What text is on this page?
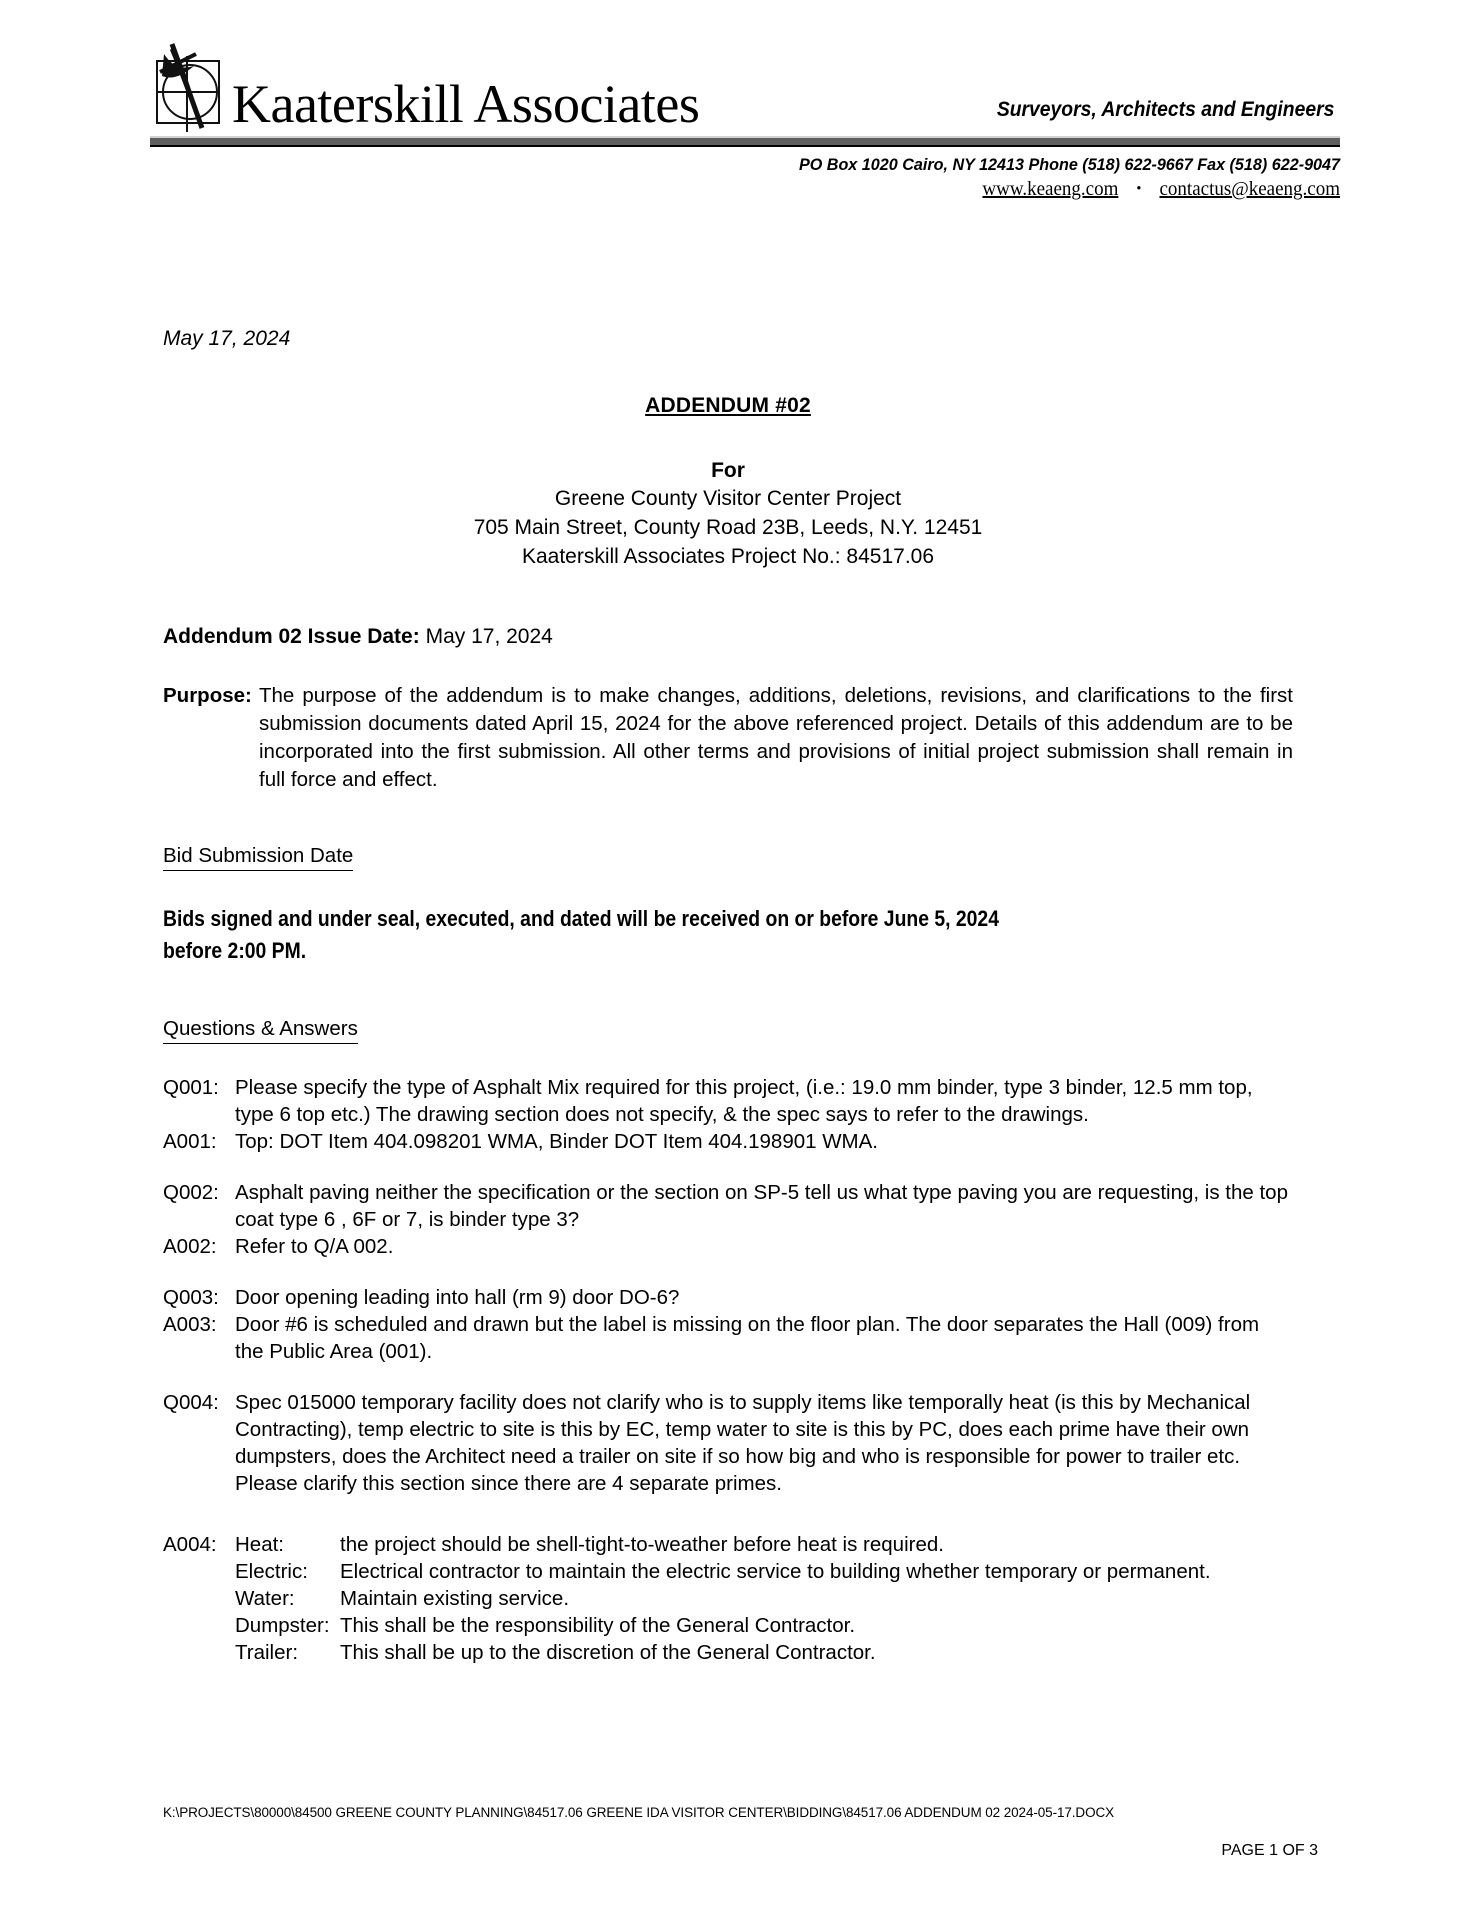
Kaaterskill Associates	Surveyors, Architects and Engineers
PO Box 1020 Cairo, NY 12413 Phone (518) 622-9667 Fax (518) 622-9047
www.keaeng.com • contactus@keaeng.com
May 17, 2024
ADDENDUM #02
For
Greene County Visitor Center Project
705 Main Street, County Road 23B, Leeds, N.Y. 12451
Kaaterskill Associates Project No.: 84517.06
Addendum 02 Issue Date: May 17, 2024
Purpose: The purpose of the addendum is to make changes, additions, deletions, revisions, and clarifications to the first submission documents dated April 15, 2024 for the above referenced project. Details of this addendum are to be incorporated into the first submission. All other terms and provisions of initial project submission shall remain in full force and effect.
Bid Submission Date
Bids signed and under seal, executed, and dated will be received on or before June 5, 2024
before 2:00 PM.
Questions & Answers
Q001: Please specify the type of Asphalt Mix required for this project, (i.e.: 19.0 mm binder, type 3 binder, 12.5 mm top, type 6 top etc.) The drawing section does not specify, & the spec says to refer to the drawings.
A001: Top: DOT Item 404.098201 WMA, Binder DOT Item 404.198901 WMA.
Q002: Asphalt paving neither the specification or the section on SP-5 tell us what type paving you are requesting, is the top coat type 6 , 6F or 7, is binder type 3?
A002: Refer to Q/A 002.
Q003: Door opening leading into hall (rm 9) door DO-6?
A003: Door #6 is scheduled and drawn but the label is missing on the floor plan. The door separates the Hall (009) from the Public Area (001).
Q004: Spec 015000 temporary facility does not clarify who is to supply items like temporally heat (is this by Mechanical Contracting), temp electric to site is this by EC, temp water to site is this by PC, does each prime have their own dumpsters, does the Architect need a trailer on site if so how big and who is responsible for power to trailer etc. Please clarify this section since there are 4 separate primes.
A004: Heat:	the project should be shell-tight-to-weather before heat is required.
Electric:	Electrical contractor to maintain the electric service to building whether temporary or permanent.
Water:	Maintain existing service.
Dumpster: This shall be the responsibility of the General Contractor.
Trailer:	This shall be up to the discretion of the General Contractor.
K:\PROJECTS\80000\84500 GREENE COUNTY PLANNING\84517.06 GREENE IDA VISITOR CENTER\BIDDING\84517.06 ADDENDUM 02 2024-05-17.DOCX
PAGE 1 OF 3
